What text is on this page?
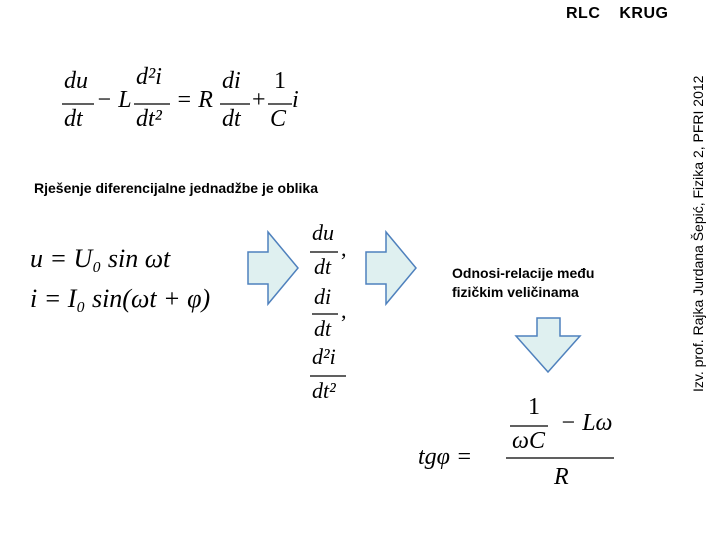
RLC KRUG
Izv. prof. Rajka Jurdana Šepić, Fizika 2, PFRI 2012
du
dt
− L
d²i
dt²
= R
di
dt
+
1
C
i
Rješenje diferencijalne jednadžbe je oblika
u = U₀ sin ωt
i = I₀ sin(ωt + φ)
du
dt
,
di
dt
,
d²i
dt²
Odnosi-relacije među
fizičkim veličinama
1
ωC
− Lω
tgφ =
R
